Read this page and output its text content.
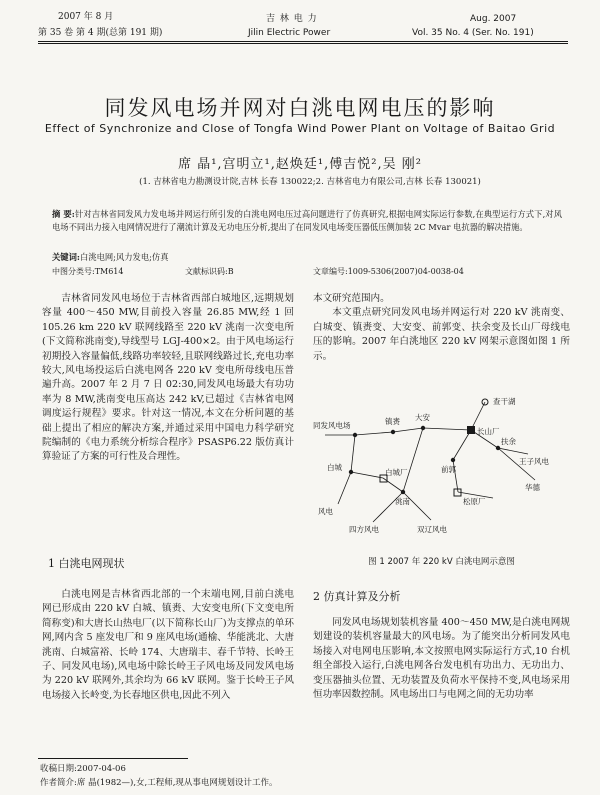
2007 年 8 月
第 35 卷 第 4 期(总第 191 期)
吉 林 电 力
Jilin Electric Power
Aug. 2007
Vol. 35 No. 4 (Ser. No. 191)
同发风电场并网对白洮电网电压的影响
Effect of Synchronize and Close of Tongfa Wind Power Plant on Voltage of Baitao Grid
席 晶¹,宫明立¹,赵焕廷¹,傅吉悦²,吴 刚²
(1. 吉林省电力勘测设计院,吉林 长春 130022;2. 吉林省电力有限公司,吉林 长春 130021)
摘 要:针对吉林省同发风力发电场并网运行所引发的白洮电网电压过高问题进行了仿真研究,根据电网实际运行参数,在典型运行方式下,对风电场不同出力接入电网情况进行了潮流计算及无功电压分析,提出了在同发风电场变压器低压侧加装 2C Mvar 电抗器的解决措施。
关键词:白洮电网;风力发电;仿真
中图分类号:TM614	文献标识码:B	文章编号:1009-5306(2007)04-0038-04

吉林省同发风电场位于吉林省西部白城地区,远期规划容量 400～450 MW,目前投入容量 26.85 MW,经 1 回 105.26 km 220 kV 联网线路至 220 kV 洮南一次变电所(下文简称洮南变),导线型号 LGJ-400×2。由于风电场运行初期投入容量偏低,线路功率较轻,且联网线路过长,充电功率较大,风电场投运后白洮电网各 220 kV 变电所母线电压普遍升高。2007 年 2 月 7 日 02:30,同发风电场最大有功功率为 8 MW,洮南变电压高达 242 kV,已超过《吉林省电网调度运行规程》要求。针对这一情况,本文在分析问题的基础上提出了相应的解决方案,并通过采用中国电力科学研究院编制的《电力系统分析综合程序》PSASP6.22 版仿真计算验证了方案的可行性及合理性。

1 白洮电网现状

白洮电网是吉林省西北部的一个末端电网,目前白洮电网已形成由 220 kV 白城、镇赉、大安变电所(下文变电所简称变)和大唐长山热电厂(以下简称长山厂)为支撑点的单环网,网内含 5 座发电厂和 9 座风电场(通榆、华能洮北、大唐洮南、白城富裕、长岭 174、大唐瑞丰、春千节特、长岭王子、同发风电场),风电场中除长岭王子风电场及同发风电场为 220 kV 联网外,其余均为 66 kV 联网。鉴于长岭王子风电场接入长岭变,为长春地区供电,因此不列入

本文研究范围内。

本文重点研究同发风电场并网运行对 220 kV 洮南变、白城变、镇赉变、大安变、前郭变、扶余变及长山厂母线电压的影响。2007 年白洮地区 220 kV 网架示意图如图 1 所示。

同发风电场	镇赉 大安
长山厂
查干湖
扶余
王子风电
华德
前郭
白城
白城厂
风电
洮南
四方风电	双辽风电
松原厂
图 1 2007 年 220 kV 白洮电网示意图
2 仿真计算及分析

同发风电场规划装机容量 400～450 MW,是白洮电网规划建设的装机容量最大的风电场。为了能突出分析同发风电场接入对电网电压影响,本文按照电网实际运行方式,10 台机组全部投入运行,白洮电网各台发电机有功出力、无功出力、变压器抽头位置、无功装置及负荷水平保持不变,风电场采用恒功率因数控制。风电场出口与电网之间的无功功率

收稿日期:2007-04-06
作者简介:席 晶(1982—),女,工程师,现从事电网规划设计工作。
